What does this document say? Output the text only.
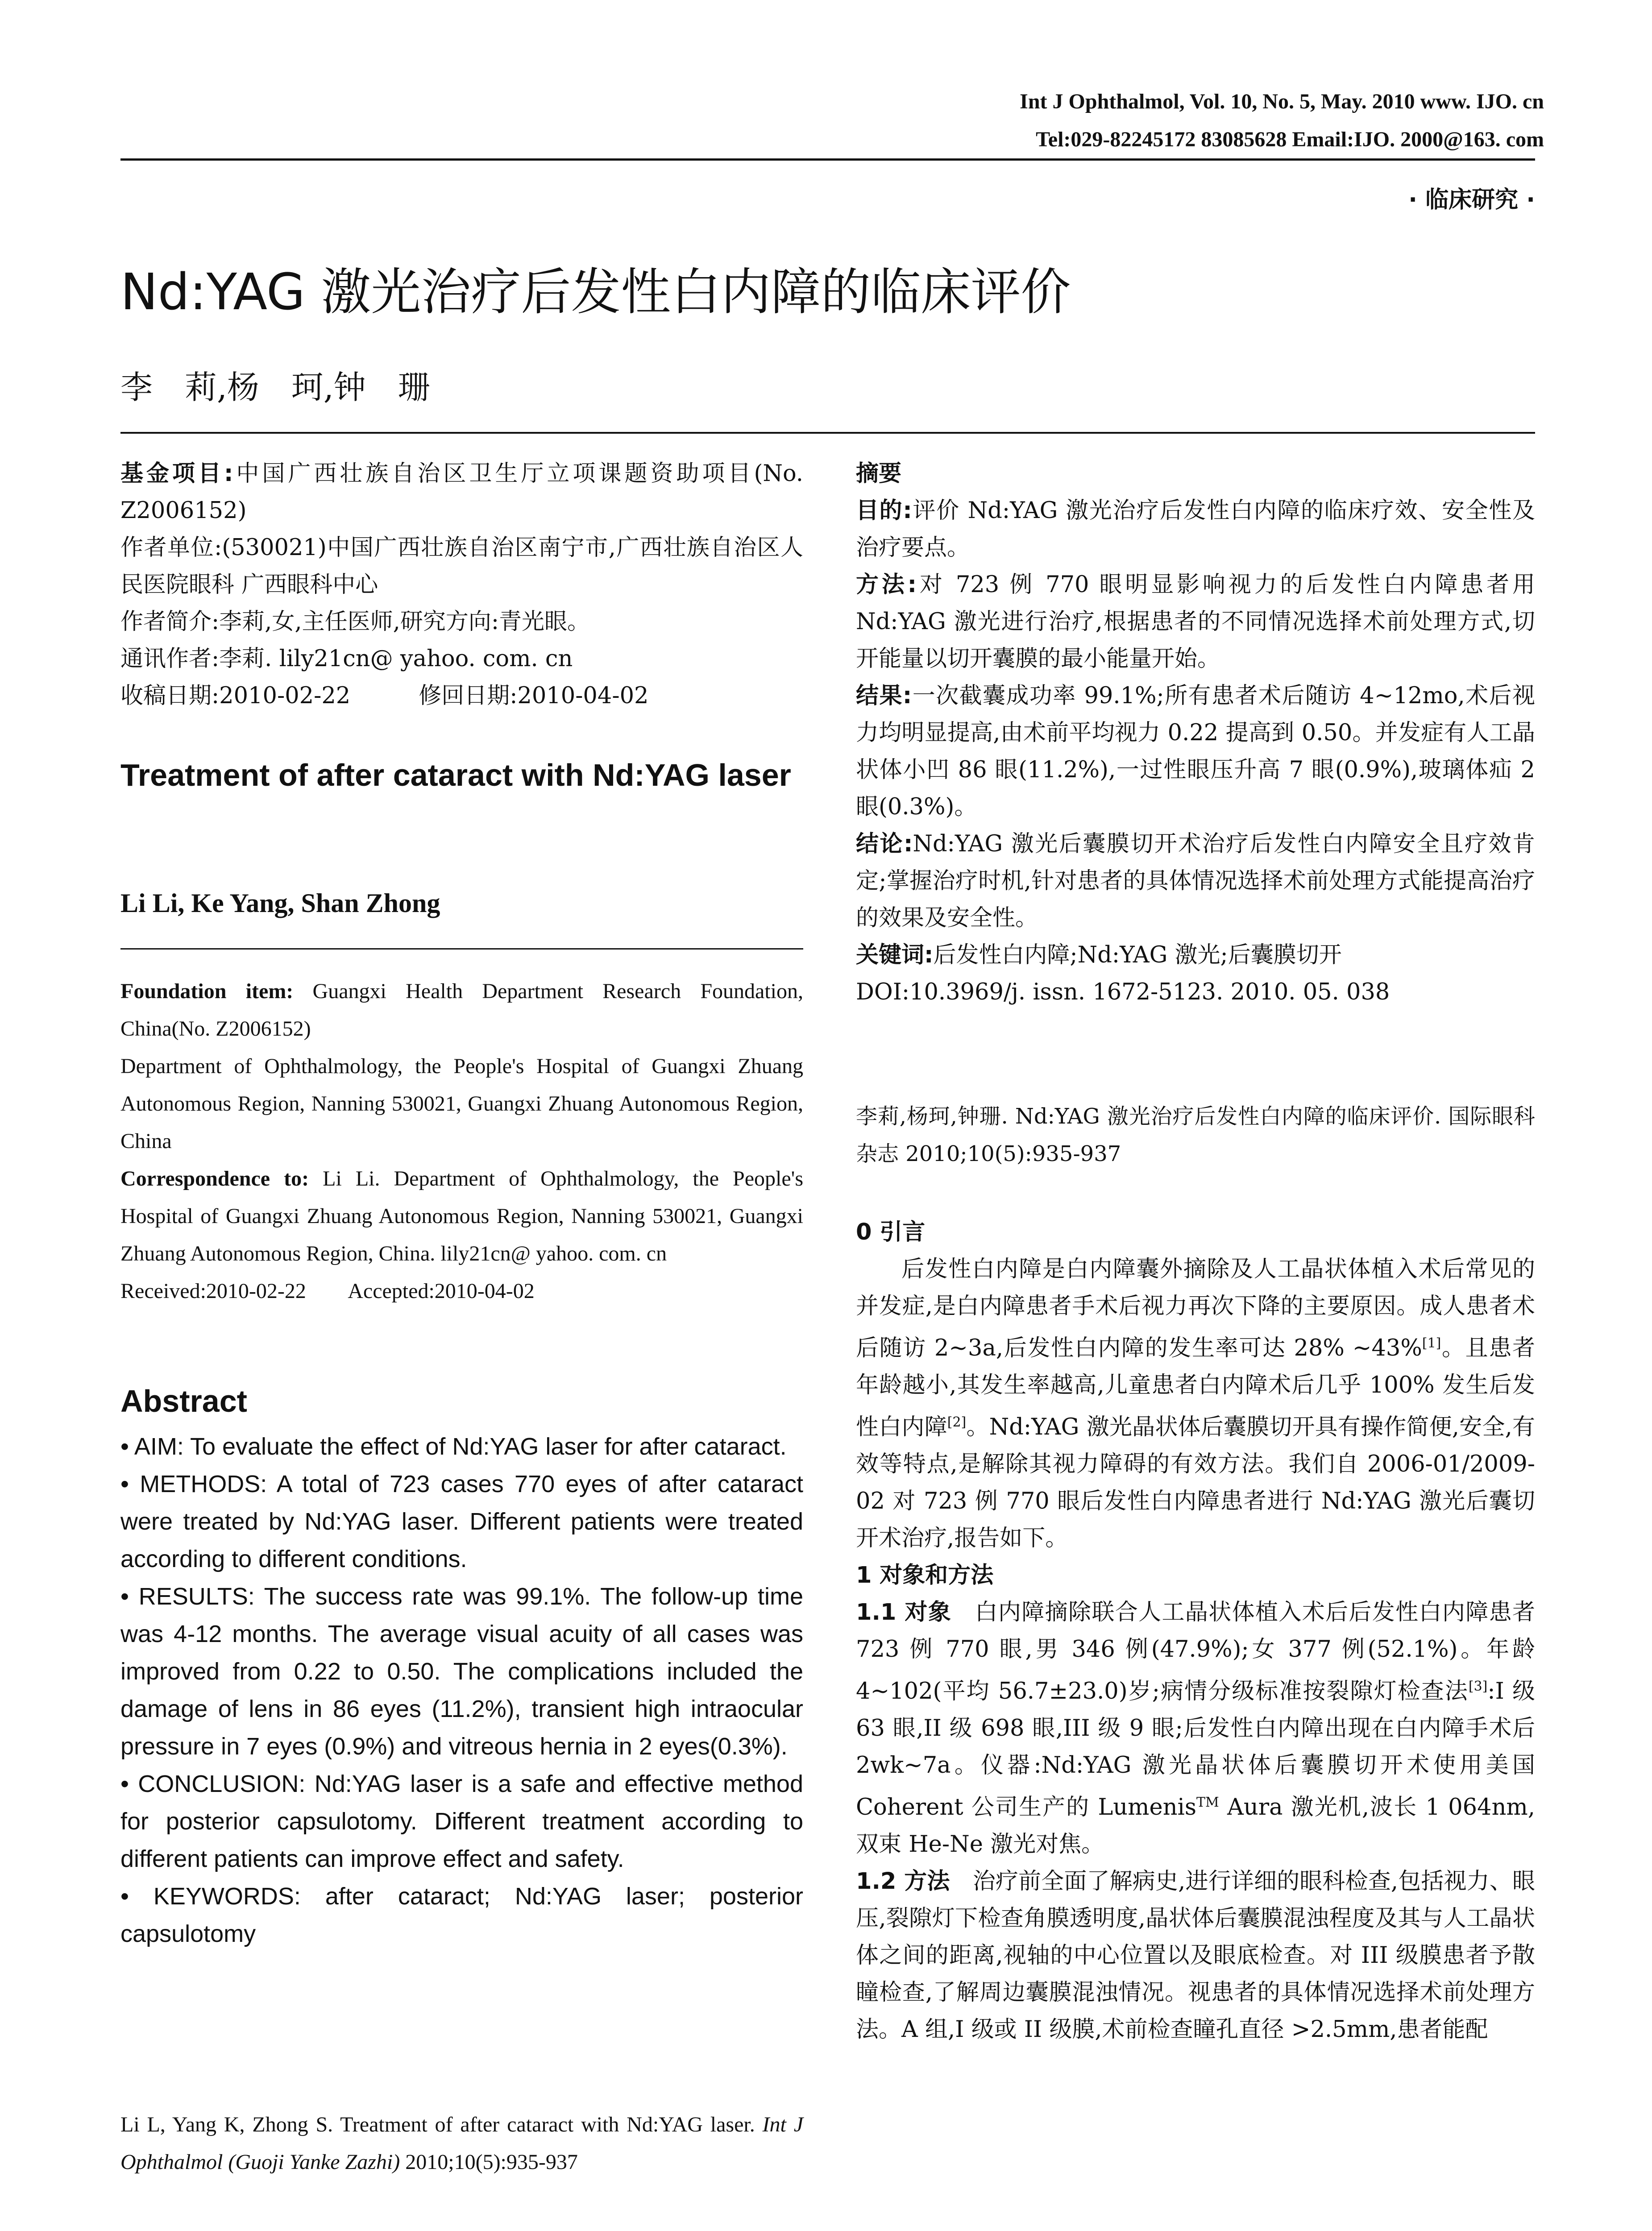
Int J Ophthalmol, Vol. 10, No. 5, May. 2010 www. IJO. cn
Tel:029-82245172 83085628 Email:IJO. 2000@163. com
· 临床研究 ·
Nd:YAG 激光治疗后发性白内障的临床评价
李　莉,杨　珂,钟　珊

基金项目:中国广西壮族自治区卫生厅立项课题资助项目(No. Z2006152)

作者单位:(530021)中国广西壮族自治区南宁市,广西壮族自治区人民医院眼科 广西眼科中心

作者简介:李莉,女,主任医师,研究方向:青光眼。

通讯作者:李莉. lily21cn@ yahoo. com. cn

收稿日期:2010-02-22　　　修回日期:2010-04-02

Treatment of after cataract with Nd:YAG laser
Li Li, Ke Yang, Shan Zhong

Foundation item: Guangxi Health Department Research Foundation, China(No. Z2006152)

Department of Ophthalmology, the People's Hospital of Guangxi Zhuang Autonomous Region, Nanning 530021, Guangxi Zhuang Autonomous Region, China

Correspondence to: Li Li. Department of Ophthalmology, the People's Hospital of Guangxi Zhuang Autonomous Region, Nanning 530021, Guangxi Zhuang Autonomous Region, China. lily21cn@ yahoo. com. cn

Received:2010-02-22        Accepted:2010-04-02

Abstract

• AIM: To evaluate the effect of Nd:YAG laser for after cataract.

• METHODS: A total of 723 cases 770 eyes of after cataract were treated by Nd:YAG laser. Different patients were treated according to different conditions.

• RESULTS: The success rate was 99.1%. The follow-up time was 4-12 months. The average visual acuity of all cases was improved from 0.22 to 0.50. The complications included the damage of lens in 86 eyes (11.2%), transient high intraocular pressure in 7 eyes (0.9%) and vitreous hernia in 2 eyes(0.3%).

• CONCLUSION: Nd:YAG laser is a safe and effective method for posterior capsulotomy. Different treatment according to different patients can improve effect and safety.

• KEYWORDS: after cataract; Nd:YAG laser; posterior capsulotomy

Li L, Yang K, Zhong S. Treatment of after cataract with Nd:YAG laser. Int J Ophthalmol (Guoji Yanke Zazhi) 2010;10(5):935-937

摘要

目的:评价 Nd:YAG 激光治疗后发性白内障的临床疗效、安全性及治疗要点。

方法:对 723 例 770 眼明显影响视力的后发性白内障患者用 Nd:YAG 激光进行治疗,根据患者的不同情况选择术前处理方式,切开能量以切开囊膜的最小能量开始。

结果:一次截囊成功率 99.1%;所有患者术后随访 4~12mo,术后视力均明显提高,由术前平均视力 0.22 提高到 0.50。并发症有人工晶状体小凹 86 眼(11.2%),一过性眼压升高 7 眼(0.9%),玻璃体疝 2 眼(0.3%)。

结论:Nd:YAG 激光后囊膜切开术治疗后发性白内障安全且疗效肯定;掌握治疗时机,针对患者的具体情况选择术前处理方式能提高治疗的效果及安全性。

关键词:后发性白内障;Nd:YAG 激光;后囊膜切开

DOI:10.3969/j. issn. 1672-5123. 2010. 05. 038

李莉,杨珂,钟珊. Nd:YAG 激光治疗后发性白内障的临床评价. 国际眼科杂志 2010;10(5):935-937

0 引言

后发性白内障是白内障囊外摘除及人工晶状体植入术后常见的并发症,是白内障患者手术后视力再次下降的主要原因。成人患者术后随访 2~3a,后发性白内障的发生率可达 28% ~43%[1]。且患者年龄越小,其发生率越高,儿童患者白内障术后几乎 100% 发生后发性白内障[2]。Nd:YAG 激光晶状体后囊膜切开具有操作简便,安全,有效等特点,是解除其视力障碍的有效方法。我们自 2006-01/2009-02 对 723 例 770 眼后发性白内障患者进行 Nd:YAG 激光后囊切开术治疗,报告如下。

1 对象和方法

1.1 对象　白内障摘除联合人工晶状体植入术后后发性白内障患者 723 例 770 眼,男 346 例(47.9%);女 377 例(52.1%)。年龄 4~102(平均 56.7±23.0)岁;病情分级标准按裂隙灯检查法[3]:I 级 63 眼,II 级 698 眼,III 级 9 眼;后发性白内障出现在白内障手术后 2wk~7a。仪器:Nd:YAG 激光晶状体后囊膜切开术使用美国 Coherent 公司生产的 Lumenis™ Aura 激光机,波长 1 064nm,双束 He-Ne 激光对焦。

1.2 方法　治疗前全面了解病史,进行详细的眼科检查,包括视力、眼压,裂隙灯下检查角膜透明度,晶状体后囊膜混浊程度及其与人工晶状体之间的距离,视轴的中心位置以及眼底检查。对 III 级膜患者予散瞳检查,了解周边囊膜混浊情况。视患者的具体情况选择术前处理方法。A 组,I 级或 II 级膜,术前检查瞳孔直径 >2.5mm,患者能配
